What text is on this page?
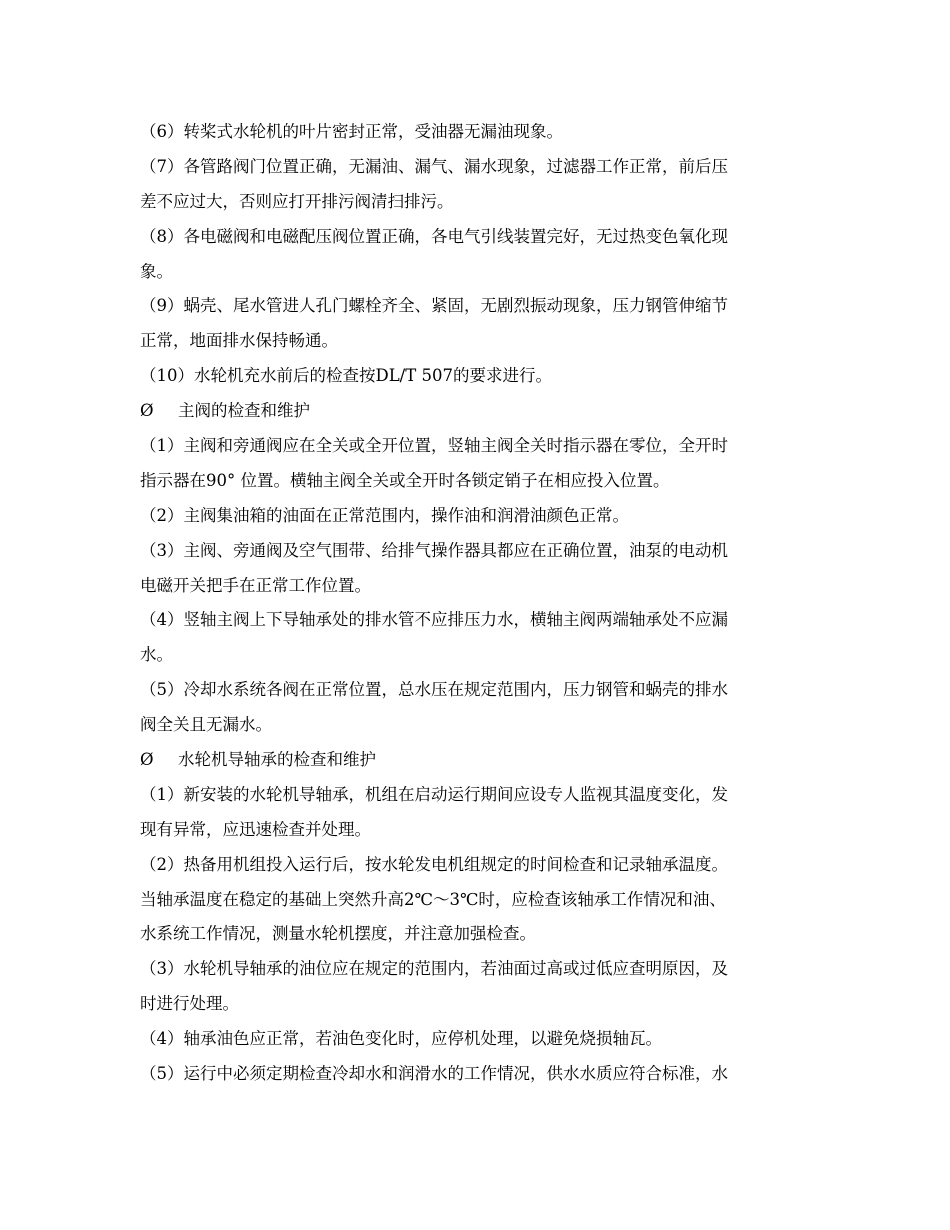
（6）转桨式水轮机的叶片密封正常，受油器无漏油现象。
（7）各管路阀门位置正确，无漏油、漏气、漏水现象，过滤器工作正常，前后压
差不应过大，否则应打开排污阀清扫排污。
（8）各电磁阀和电磁配压阀位置正确，各电气引线装置完好，无过热变色氧化现
象。
（9）蜗壳、尾水管进人孔门螺栓齐全、紧固，无剧烈振动现象，压力钢管伸缩节
正常，地面排水保持畅通。
（10）水轮机充水前后的检查按DL/T 507的要求进行。
Ø 主阀的检查和维护
（1）主阀和旁通阀应在全关或全开位置，竖轴主阀全关时指示器在零位，全开时
指示器在90° 位置。横轴主阀全关或全开时各锁定销子在相应投入位置。
（2）主阀集油箱的油面在正常范围内，操作油和润滑油颜色正常。
（3）主阀、旁通阀及空气围带、给排气操作器具都应在正确位置，油泵的电动机
电磁开关把手在正常工作位置。
（4）竖轴主阀上下导轴承处的排水管不应排压力水，横轴主阀两端轴承处不应漏
水。
（5）冷却水系统各阀在正常位置，总水压在规定范围内，压力钢管和蜗壳的排水
阀全关且无漏水。
Ø 水轮机导轴承的检查和维护
（1）新安装的水轮机导轴承，机组在启动运行期间应设专人监视其温度变化，发
现有异常，应迅速检查并处理。
（2）热备用机组投入运行后，按水轮发电机组规定的时间检查和记录轴承温度。
当轴承温度在稳定的基础上突然升高2℃～3℃时，应检查该轴承工作情况和油、
水系统工作情况，测量水轮机摆度，并注意加强检查。
（3）水轮机导轴承的油位应在规定的范围内，若油面过高或过低应查明原因，及
时进行处理。
（4）轴承油色应正常，若油色变化时，应停机处理，以避免烧损轴瓦。
（5）运行中必须定期检查冷却水和润滑水的工作情况，供水水质应符合标准，水
